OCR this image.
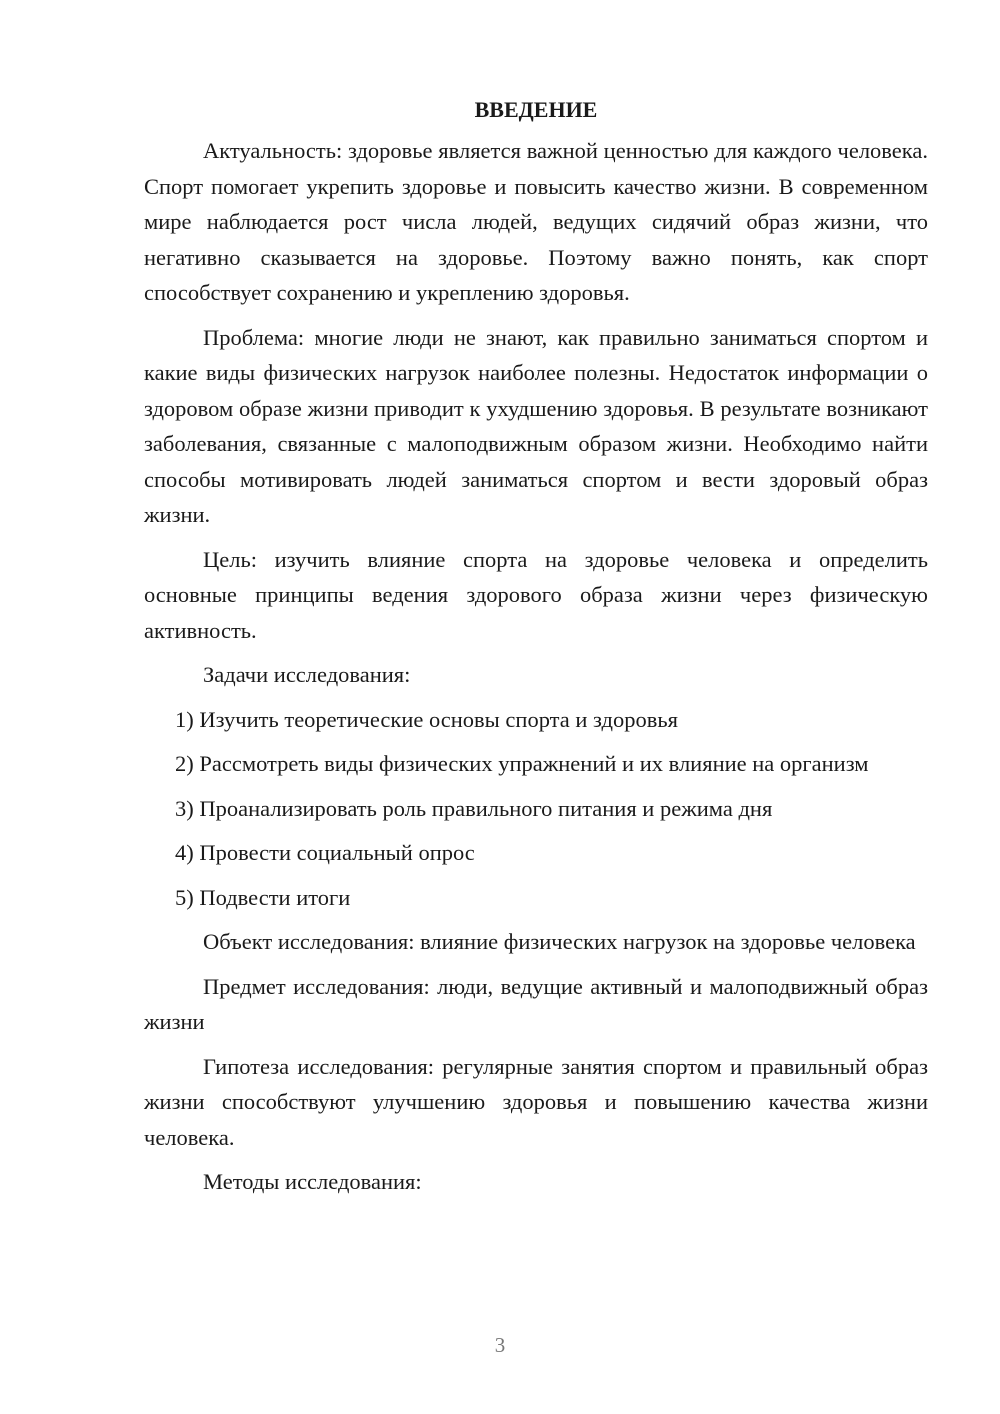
ВВЕДЕНИЕ

Актуальность: здоровье является важной ценностью для каждого человека. Спорт помогает укрепить здоровье и повысить качество жизни. В современном мире наблюдается рост числа людей, ведущих сидячий образ жизни, что негативно сказывается на здоровье. Поэтому важно понять, как спорт способствует сохранению и укреплению здоровья.

Проблема: многие люди не знают, как правильно заниматься спортом и какие виды физических нагрузок наиболее полезны. Недостаток информации о здоровом образе жизни приводит к ухудшению здоровья. В результате возникают заболевания, связанные с малоподвижным образом жизни. Необходимо найти способы мотивировать людей заниматься спортом и вести здоровый образ жизни.

Цель: изучить влияние спорта на здоровье человека и определить основные принципы ведения здорового образа жизни через физическую активность.

Задачи исследования:

1) Изучить теоретические основы спорта и здоровья

2) Рассмотреть виды физических упражнений и их влияние на организм

3) Проанализировать роль правильного питания и режима дня

4) Провести социальный опрос

5) Подвести итоги

Объект исследования: влияние физических нагрузок на здоровье человека

Предмет исследования: люди, ведущие активный и малоподвижный образ жизни

Гипотеза исследования: регулярные занятия спортом и правильный образ жизни способствуют улучшению здоровья и повышению качества жизни человека.

Методы исследования:

3
